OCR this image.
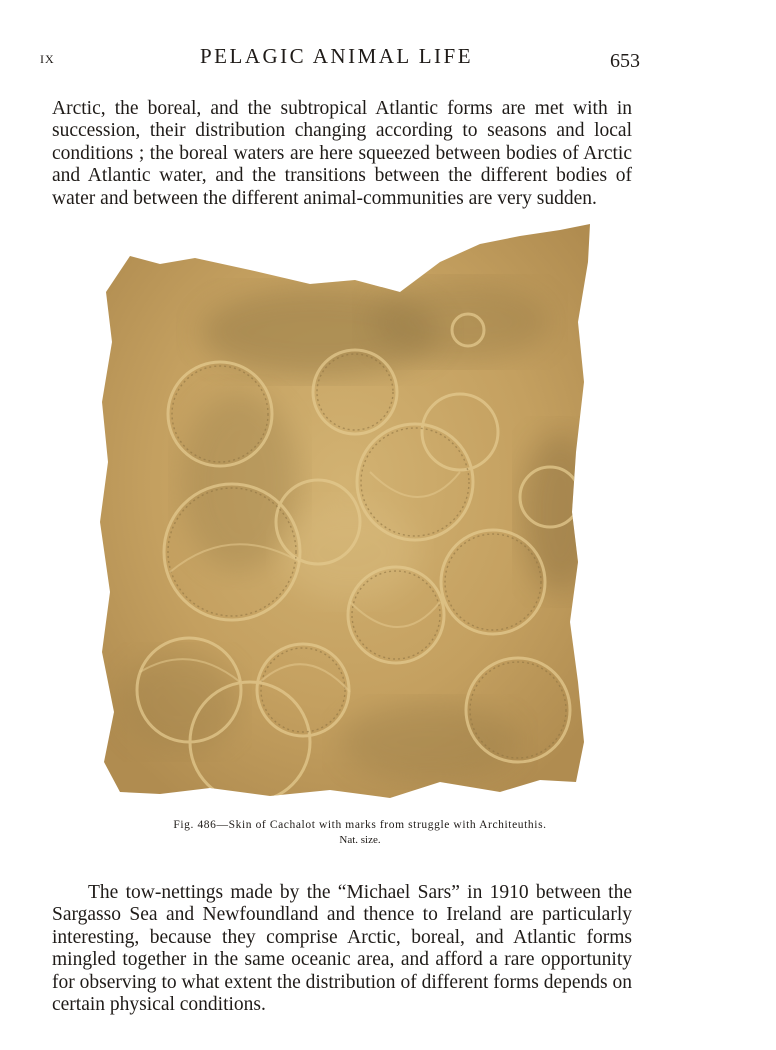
IX	PELAGIC ANIMAL LIFE	653

Arctic, the boreal, and the subtropical Atlantic forms are met with in succession, their distribution changing according to seasons and local conditions ; the boreal waters are here squeezed between bodies of Arctic and Atlantic water, and the transitions between the different bodies of water and between the different animal-communities are very sudden.

Fig. 486—Skin of Cachalot with marks from struggle with Architeuthis.
Nat. size.

The tow-nettings made by the “Michael Sars” in 1910 between the Sargasso Sea and Newfoundland and thence to Ireland are particularly interesting, because they comprise Arctic, boreal, and Atlantic forms mingled together in the same oceanic area, and afford a rare opportunity for observing to what extent the distribution of different forms depends on certain physical conditions.
